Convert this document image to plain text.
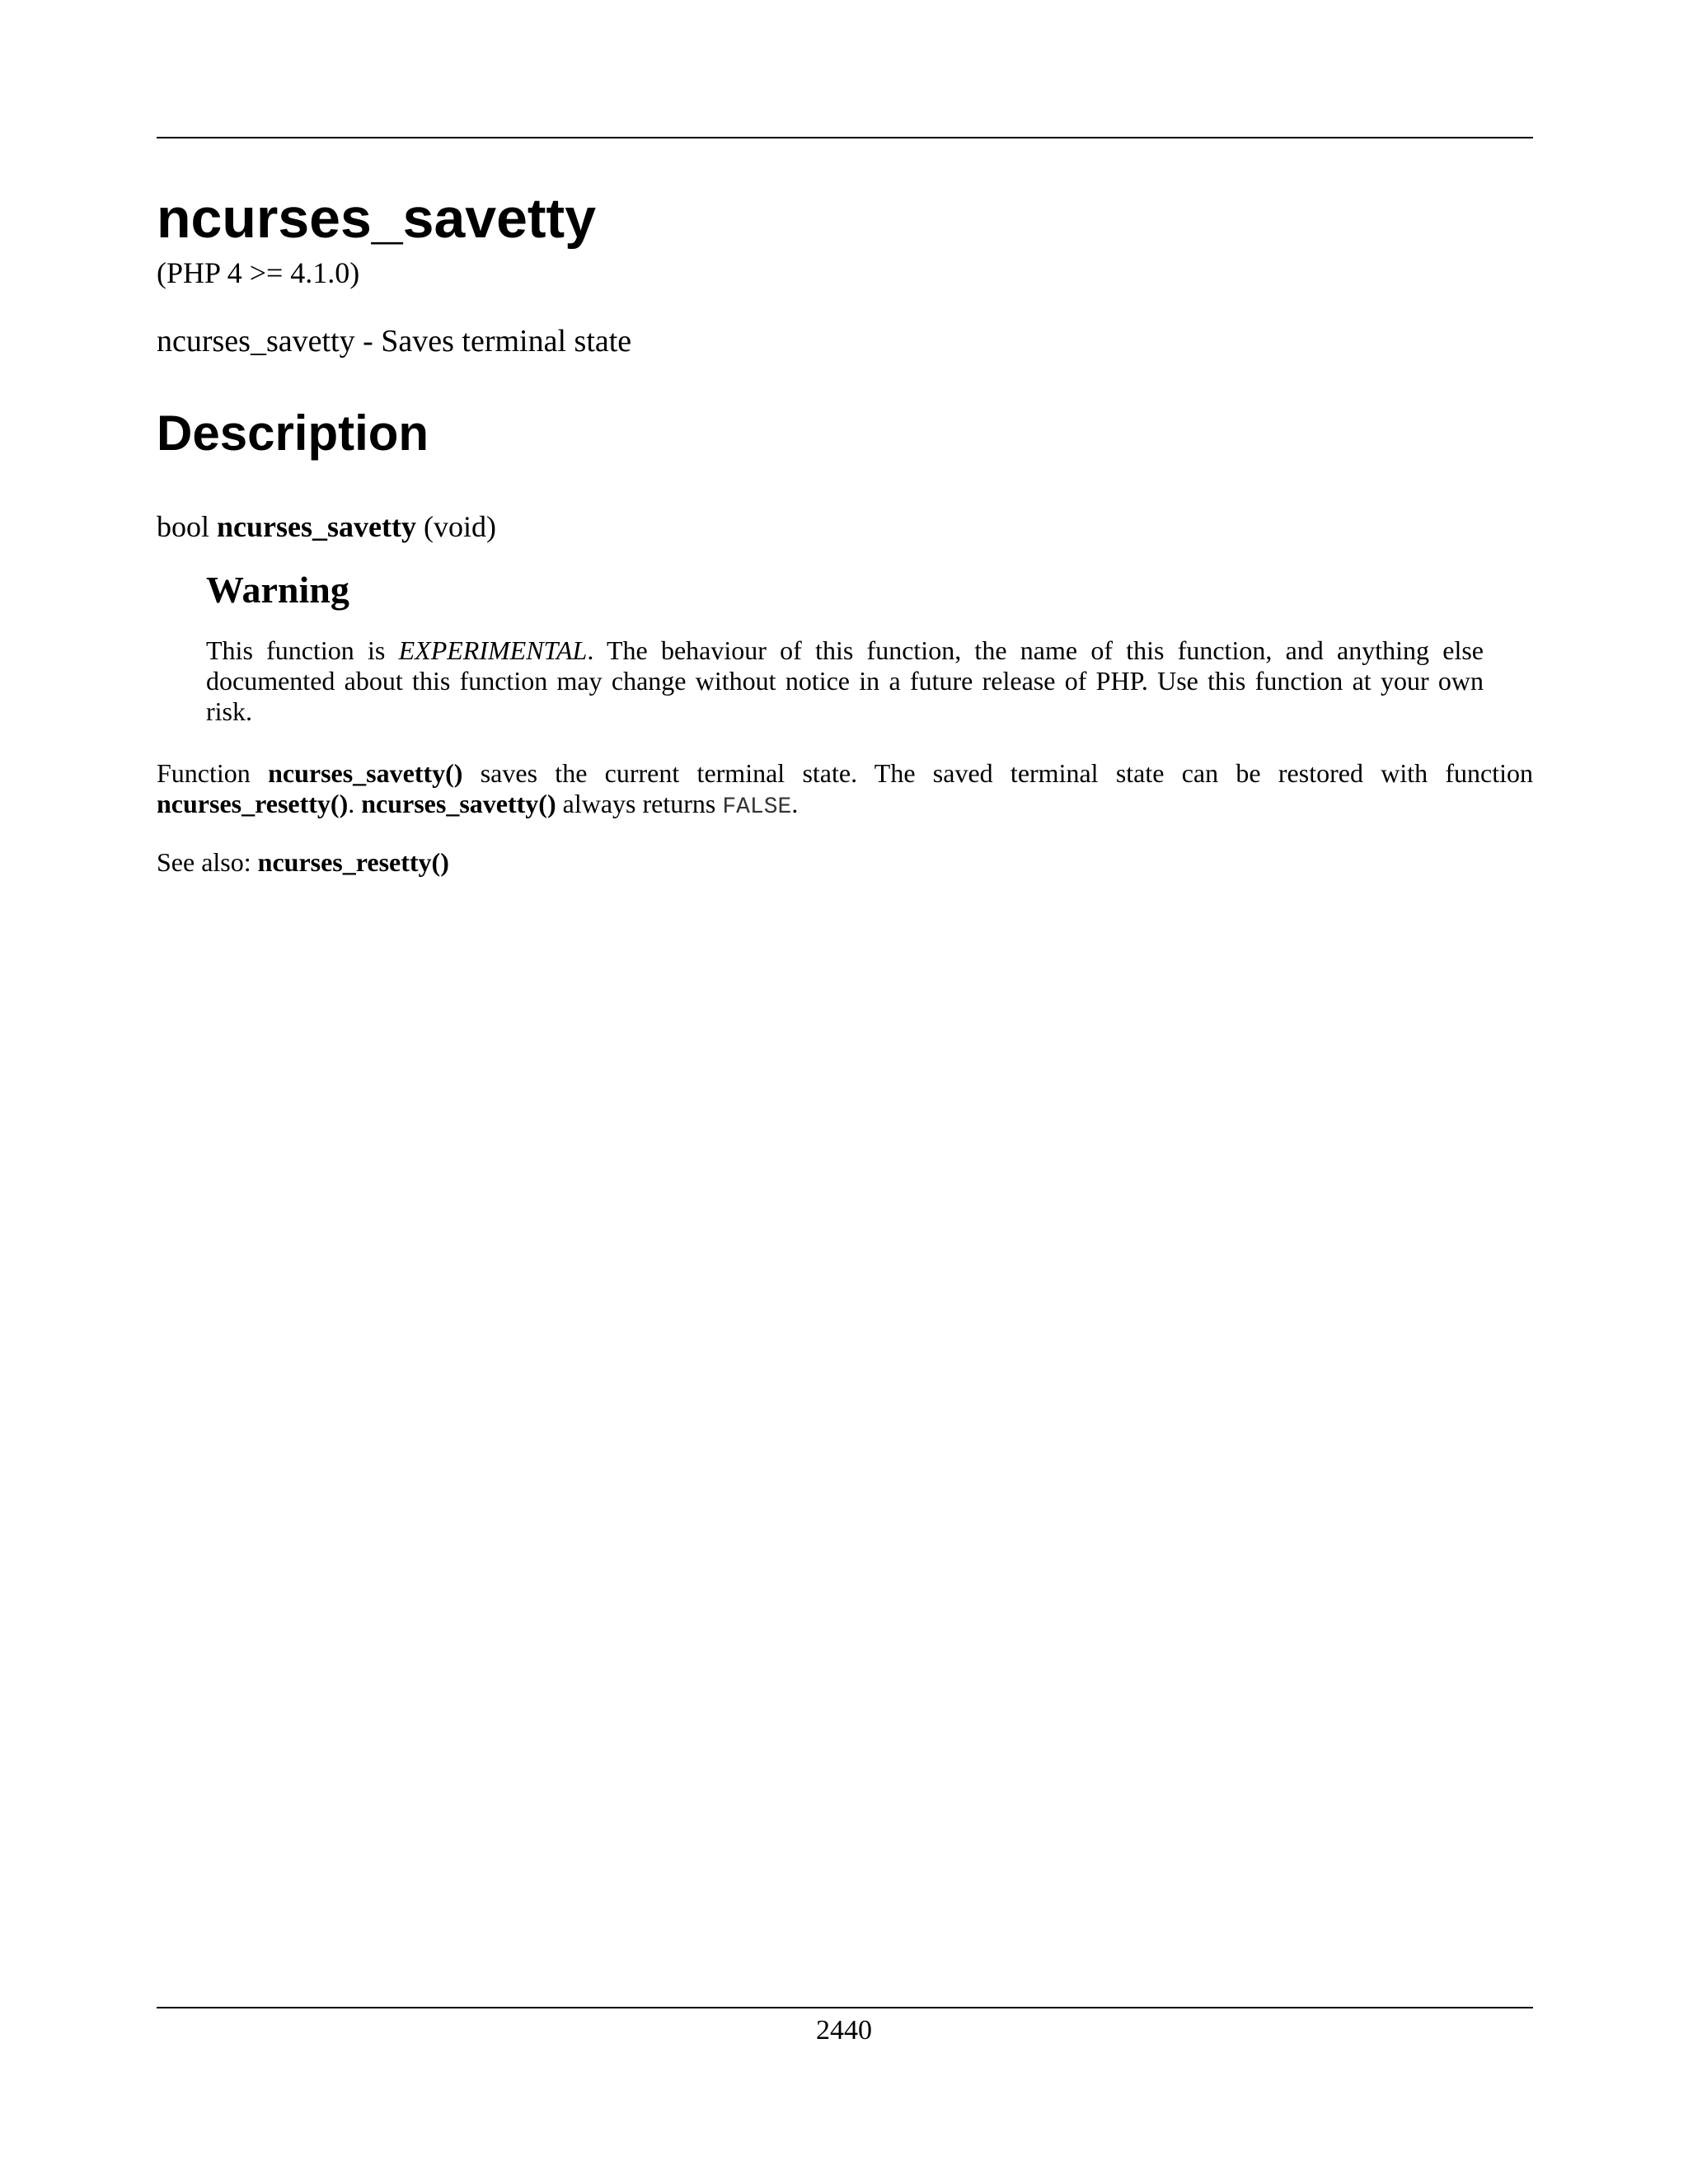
ncurses_savetty
(PHP 4 >= 4.1.0)
ncurses_savetty - Saves terminal state
Description
bool ncurses_savetty (void)
Warning

This function is EXPERIMENTAL. The behaviour of this function, the name of this function, and anything else documented about this function may change without notice in a future release of PHP. Use this function at your own risk.

Function ncurses_savetty() saves the current terminal state. The saved terminal state can be restored with function ncurses_resetty(). ncurses_savetty() always returns FALSE.

See also: ncurses_resetty()
2440
